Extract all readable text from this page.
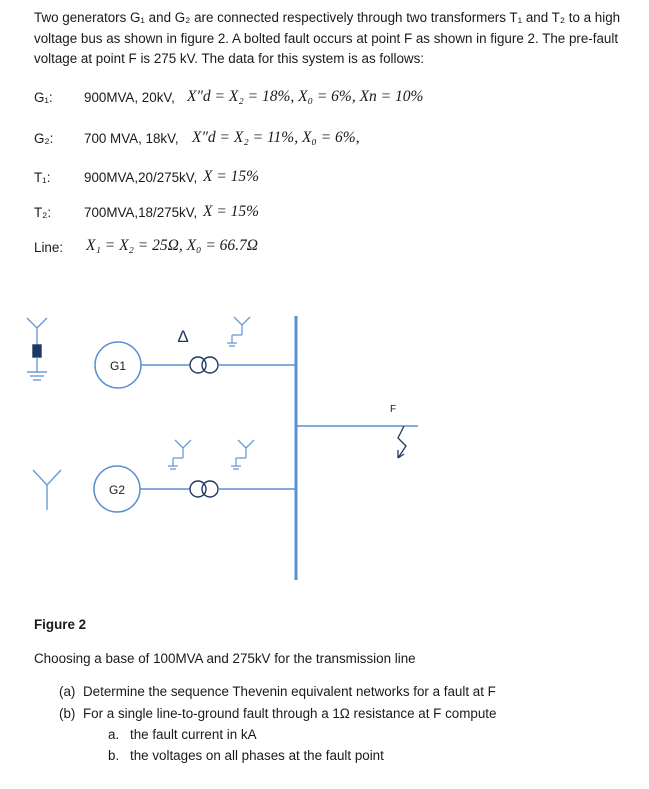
Two generators G₁ and G₂ are connected respectively through two transformers T₁ and T₂ to a high
voltage bus as shown in figure 2. A bolted fault occurs at point F as shown in figure 2. The pre-fault
voltage at point F is 275 kV. The data for this system is as follows:
G₁: 900MVA, 20kV, X″d = X₂ = 18%, X₀ = 6%, Xn = 10%
G₂: 700 MVA, 18kV, X″d = X₂ = 11%, X₀ = 6%,
T₁:	900MVA,20/275kV, X = 15%
T₂: 700MVA,18/275kV, X = 15%
Line: X₁ = X₂ = 25Ω, X₀ = 66.7Ω
G1
Δ
F
G2
Figure 2
Choosing a base of 100MVA and 275kV for the transmission line
(a) Determine the sequence Thevenin equivalent networks for a fault at F
(b) For a single line-to-ground fault through a 1Ω resistance at F compute
a. the fault current in kA
b. the voltages on all phases at the fault point
